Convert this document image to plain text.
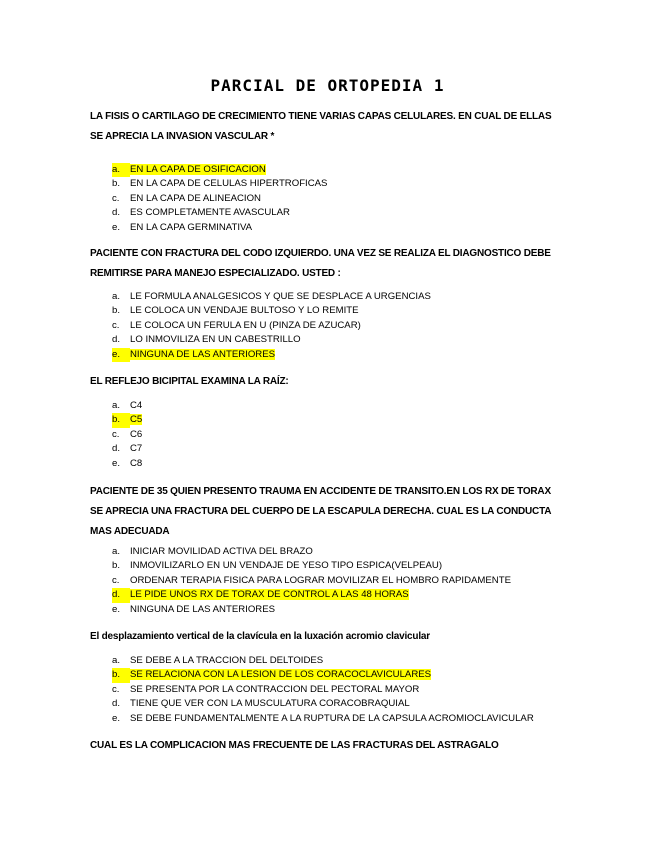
PARCIAL DE ORTOPEDIA 1
LA FISIS O CARTILAGO DE CRECIMIENTO TIENE VARIAS CAPAS CELULARES. EN CUAL DE ELLAS SE APRECIA LA INVASION VASCULAR *
a. EN LA CAPA DE OSIFICACION
b. EN LA CAPA DE CELULAS HIPERTROFICAS
c. EN LA CAPA DE ALINEACION
d. ES COMPLETAMENTE AVASCULAR
e. EN LA CAPA GERMINATIVA
PACIENTE CON FRACTURA DEL CODO IZQUIERDO. UNA VEZ SE REALIZA EL DIAGNOSTICO DEBE REMITIRSE PARA MANEJO ESPECIALIZADO. USTED :
a. LE FORMULA ANALGESICOS Y QUE SE DESPLACE A URGENCIAS
b. LE COLOCA UN VENDAJE BULTOSO Y LO REMITE
c. LE COLOCA UN FERULA EN U (PINZA DE AZUCAR)
d. LO INMOVILIZA EN UN CABESTRILLO
e. NINGUNA DE LAS ANTERIORES
EL REFLEJO BICIPITAL EXAMINA LA RAÍZ:
a. C4
b. C5
c. C6
d. C7
e. C8
PACIENTE DE 35 QUIEN PRESENTO TRAUMA EN ACCIDENTE DE TRANSITO.EN LOS RX DE TORAX SE APRECIA UNA FRACTURA DEL CUERPO DE LA ESCAPULA DERECHA. CUAL ES LA CONDUCTA MAS ADECUADA
a. INICIAR MOVILIDAD ACTIVA DEL BRAZO
b. INMOVILIZARLO EN UN VENDAJE DE YESO TIPO ESPICA(VELPEAU)
c. ORDENAR TERAPIA FISICA PARA LOGRAR MOVILIZAR EL HOMBRO RAPIDAMENTE
d. LE PIDE UNOS RX DE TORAX DE CONTROL A LAS 48 HORAS
e. NINGUNA DE LAS ANTERIORES
El desplazamiento vertical de la clavícula en la luxación acromio clavicular
a. SE DEBE A LA TRACCION DEL DELTOIDES
b. SE RELACIONA CON LA LESION DE LOS CORACOCLAVICULARES
c. SE PRESENTA POR LA CONTRACCION DEL PECTORAL MAYOR
d. TIENE QUE VER CON LA MUSCULATURA CORACOBRAQUIAL
e. SE DEBE FUNDAMENTALMENTE A LA RUPTURA DE LA CAPSULA ACROMIOCLAVICULAR
CUAL ES LA COMPLICACION MAS FRECUENTE DE LAS FRACTURAS DEL ASTRAGALO
